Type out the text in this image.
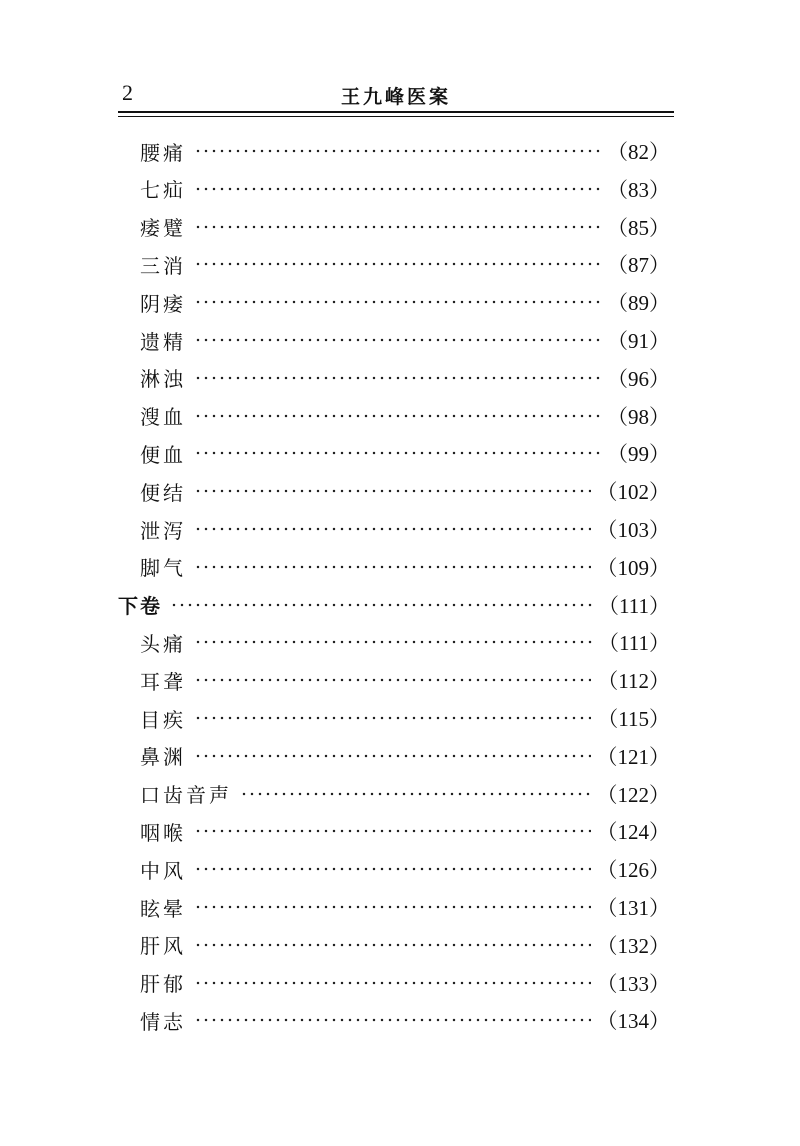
2	王九峰医案
腰痛	（82）
七疝	（83）
痿躄	（85）
三消	（87）
阴痿	（89）
遗精	（91）
淋浊	（96）
溲血	（98）
便血	（99）
便结	（102）
泄泻	（103）
脚气	（109）
下卷	（111）
头痛	（111）
耳聋	（112）
目疾	（115）
鼻渊	（121）
口齿音声	（122）
咽喉	（124）
中风	（126）
眩晕	（131）
肝风	（132）
肝郁	（133）
情志	（134）
